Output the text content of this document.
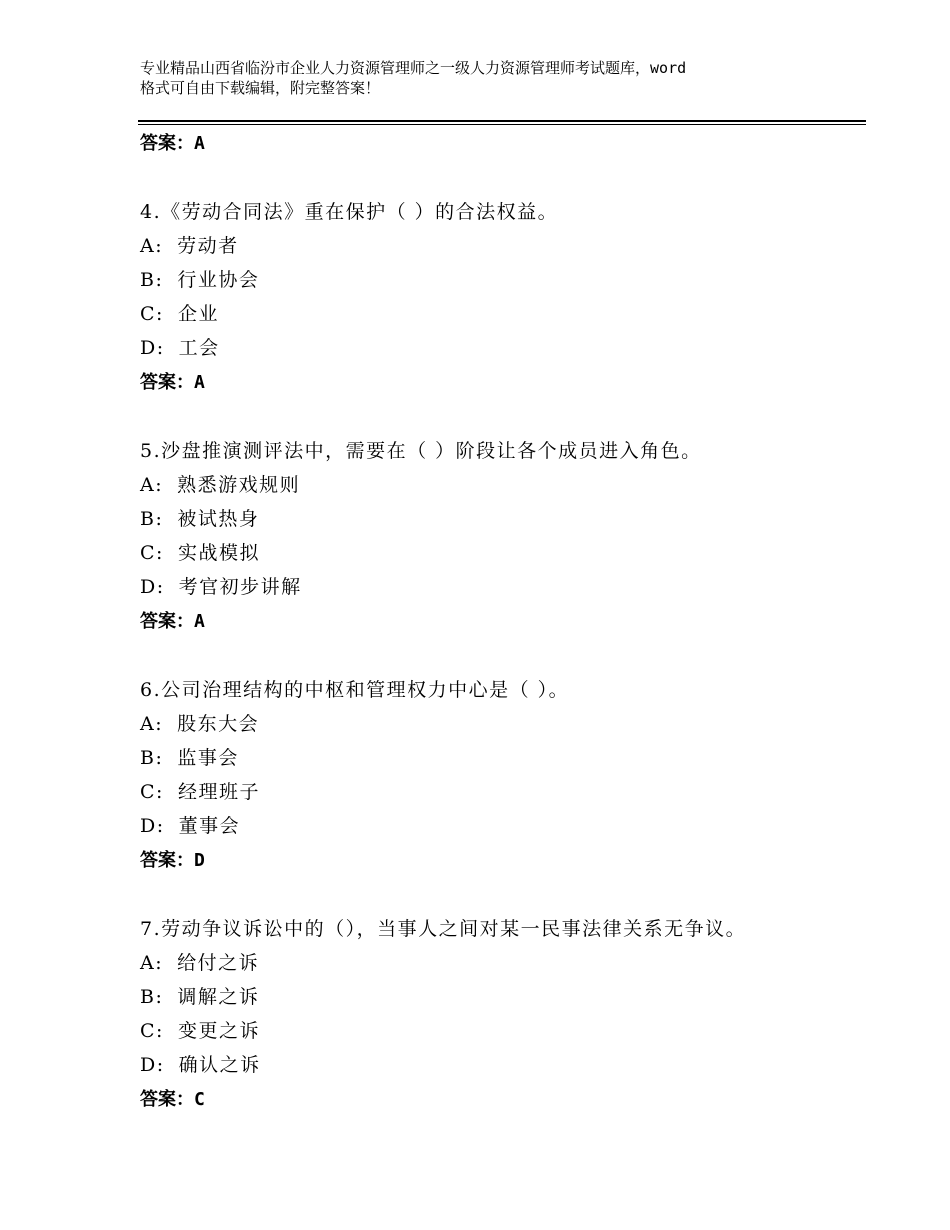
专业精品山西省临汾市企业人力资源管理师之一级人力资源管理师考试题库，word
格式可自由下载编辑，附完整答案！
答案 ： A
4.《劳动合同法》重在保护（ ）的合法权益。
A : 劳动者
B : 行业协会
C : 企业
D : 工会
答案 ： A
5.沙盘推演测评法中，需要在（ ）阶段让各个成员进入角色。
A : 熟悉游戏规则
B : 被试热身
C : 实战模拟
D : 考官初步讲解
答案 ： A
6.公司治理结构的中枢和管理权力中心是（ ）。
A : 股东大会
B : 监事会
C : 经理班子
D : 董事会
答案 ： D
7.劳动争议诉讼中的（），当事人之间对某一民事法律关系无争议。
A : 给付之诉
B : 调解之诉
C : 变更之诉
D : 确认之诉
答案 ： C
